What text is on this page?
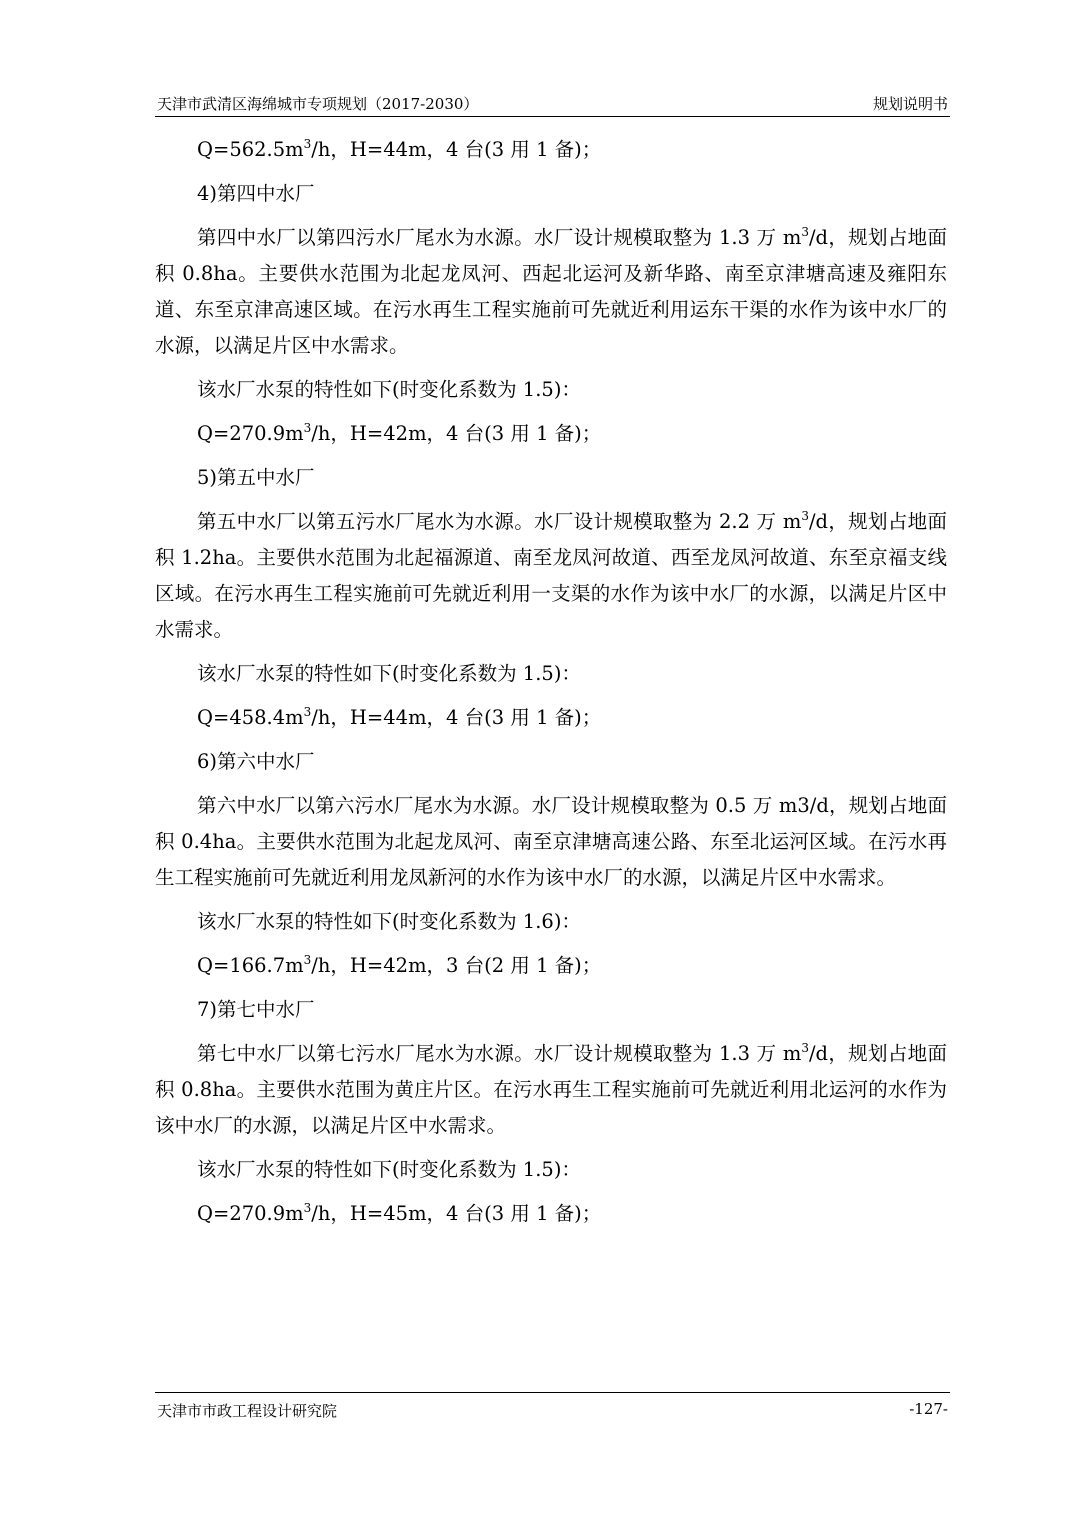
天津市武清区海绵城市专项规划（2017-2030）	规划说明书
$Q=562.5m^3/h$，H=44m，4 台(3 用 1 备)；
4)第四中水厂
第四中水厂以第四污水厂尾水为水源。水厂设计规模取整为 1.3 万 $m^3/d$，规划占地面积 0.8ha。主要供水范围为北起龙凤河、西起北运河及新华路、南至京津塘高速及雍阳东道、东至京津高速区域。在污水再生工程实施前可先就近利用运东干渠的水作为该中水厂的水源，以满足片区中水需求。
该水厂水泵的特性如下(时变化系数为 1.5)：
$Q=270.9m^3/h$，H=42m，4 台(3 用 1 备)；
5)第五中水厂
第五中水厂以第五污水厂尾水为水源。水厂设计规模取整为 2.2 万 $m^3/d$，规划占地面积 1.2ha。主要供水范围为北起福源道、南至龙凤河故道、西至龙凤河故道、东至京福支线区域。在污水再生工程实施前可先就近利用一支渠的水作为该中水厂的水源，以满足片区中水需求。
该水厂水泵的特性如下(时变化系数为 1.5)：
$Q=458.4m^3/h$，H=44m，4 台(3 用 1 备)；
6)第六中水厂
第六中水厂以第六污水厂尾水为水源。水厂设计规模取整为 0.5 万 m3/d，规划占地面积 0.4ha。主要供水范围为北起龙凤河、南至京津塘高速公路、东至北运河区域。在污水再生工程实施前可先就近利用龙凤新河的水作为该中水厂的水源，以满足片区中水需求。
该水厂水泵的特性如下(时变化系数为 1.6)：
$Q=166.7m^3/h$，H=42m，3 台(2 用 1 备)；
7)第七中水厂
第七中水厂以第七污水厂尾水为水源。水厂设计规模取整为 1.3 万 $m^3/d$，规划占地面积 0.8ha。主要供水范围为黄庄片区。在污水再生工程实施前可先就近利用北运河的水作为该中水厂的水源，以满足片区中水需求。
该水厂水泵的特性如下(时变化系数为 1.5)：
$Q=270.9m^3/h$，H=45m，4 台(3 用 1 备)；
天津市市政工程设计研究院	-127-
